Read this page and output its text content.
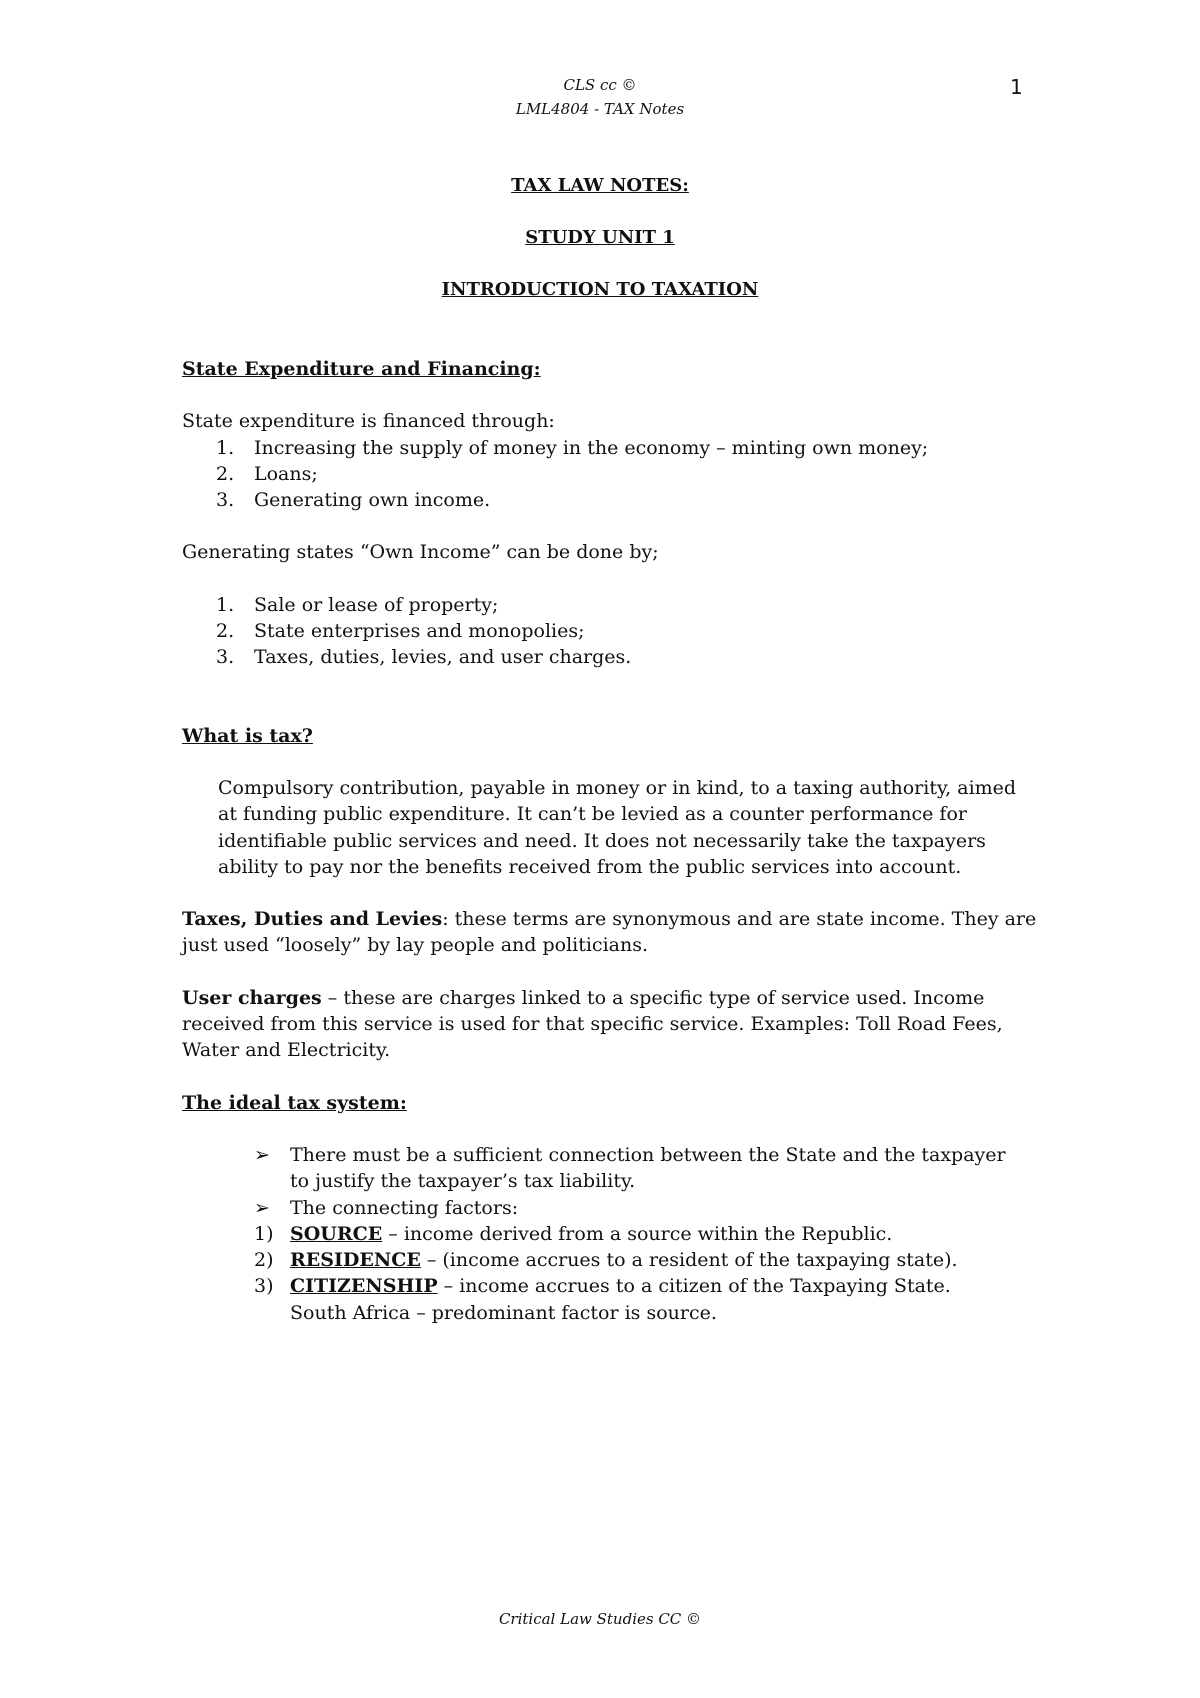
CLS cc ©
LML4804 - TAX Notes
1
TAX LAW NOTES:
STUDY UNIT 1
INTRODUCTION TO TAXATION

State Expenditure and Financing:

State expenditure is financed through:

1. Increasing the supply of money in the economy – minting own money;
2. Loans;
3. Generating own income.

Generating states “Own Income” can be done by;

1. Sale or lease of property;
2. State enterprises and monopolies;
3. Taxes, duties, levies, and user charges.

What is tax?

Compulsory contribution, payable in money or in kind, to a taxing authority, aimed at funding public expenditure. It can’t be levied as a counter performance for identifiable public services and need. It does not necessarily take the taxpayers ability to pay nor the benefits received from the public services into account.

Taxes, Duties and Levies: these terms are synonymous and are state income. They are just used “loosely” by lay people and politicians.

User charges – these are charges linked to a specific type of service used. Income received from this service is used for that specific service. Examples: Toll Road Fees, Water and Electricity.

The ideal tax system:

➢ There must be a sufficient connection between the State and the taxpayer to justify the taxpayer’s tax liability.
➢ The connecting factors:
1) SOURCE – income derived from a source within the Republic.
2) RESIDENCE – (income accrues to a resident of the taxpaying state).
3) CITIZENSHIP – income accrues to a citizen of the Taxpaying State. South Africa – predominant factor is source.
Critical Law Studies CC ©
